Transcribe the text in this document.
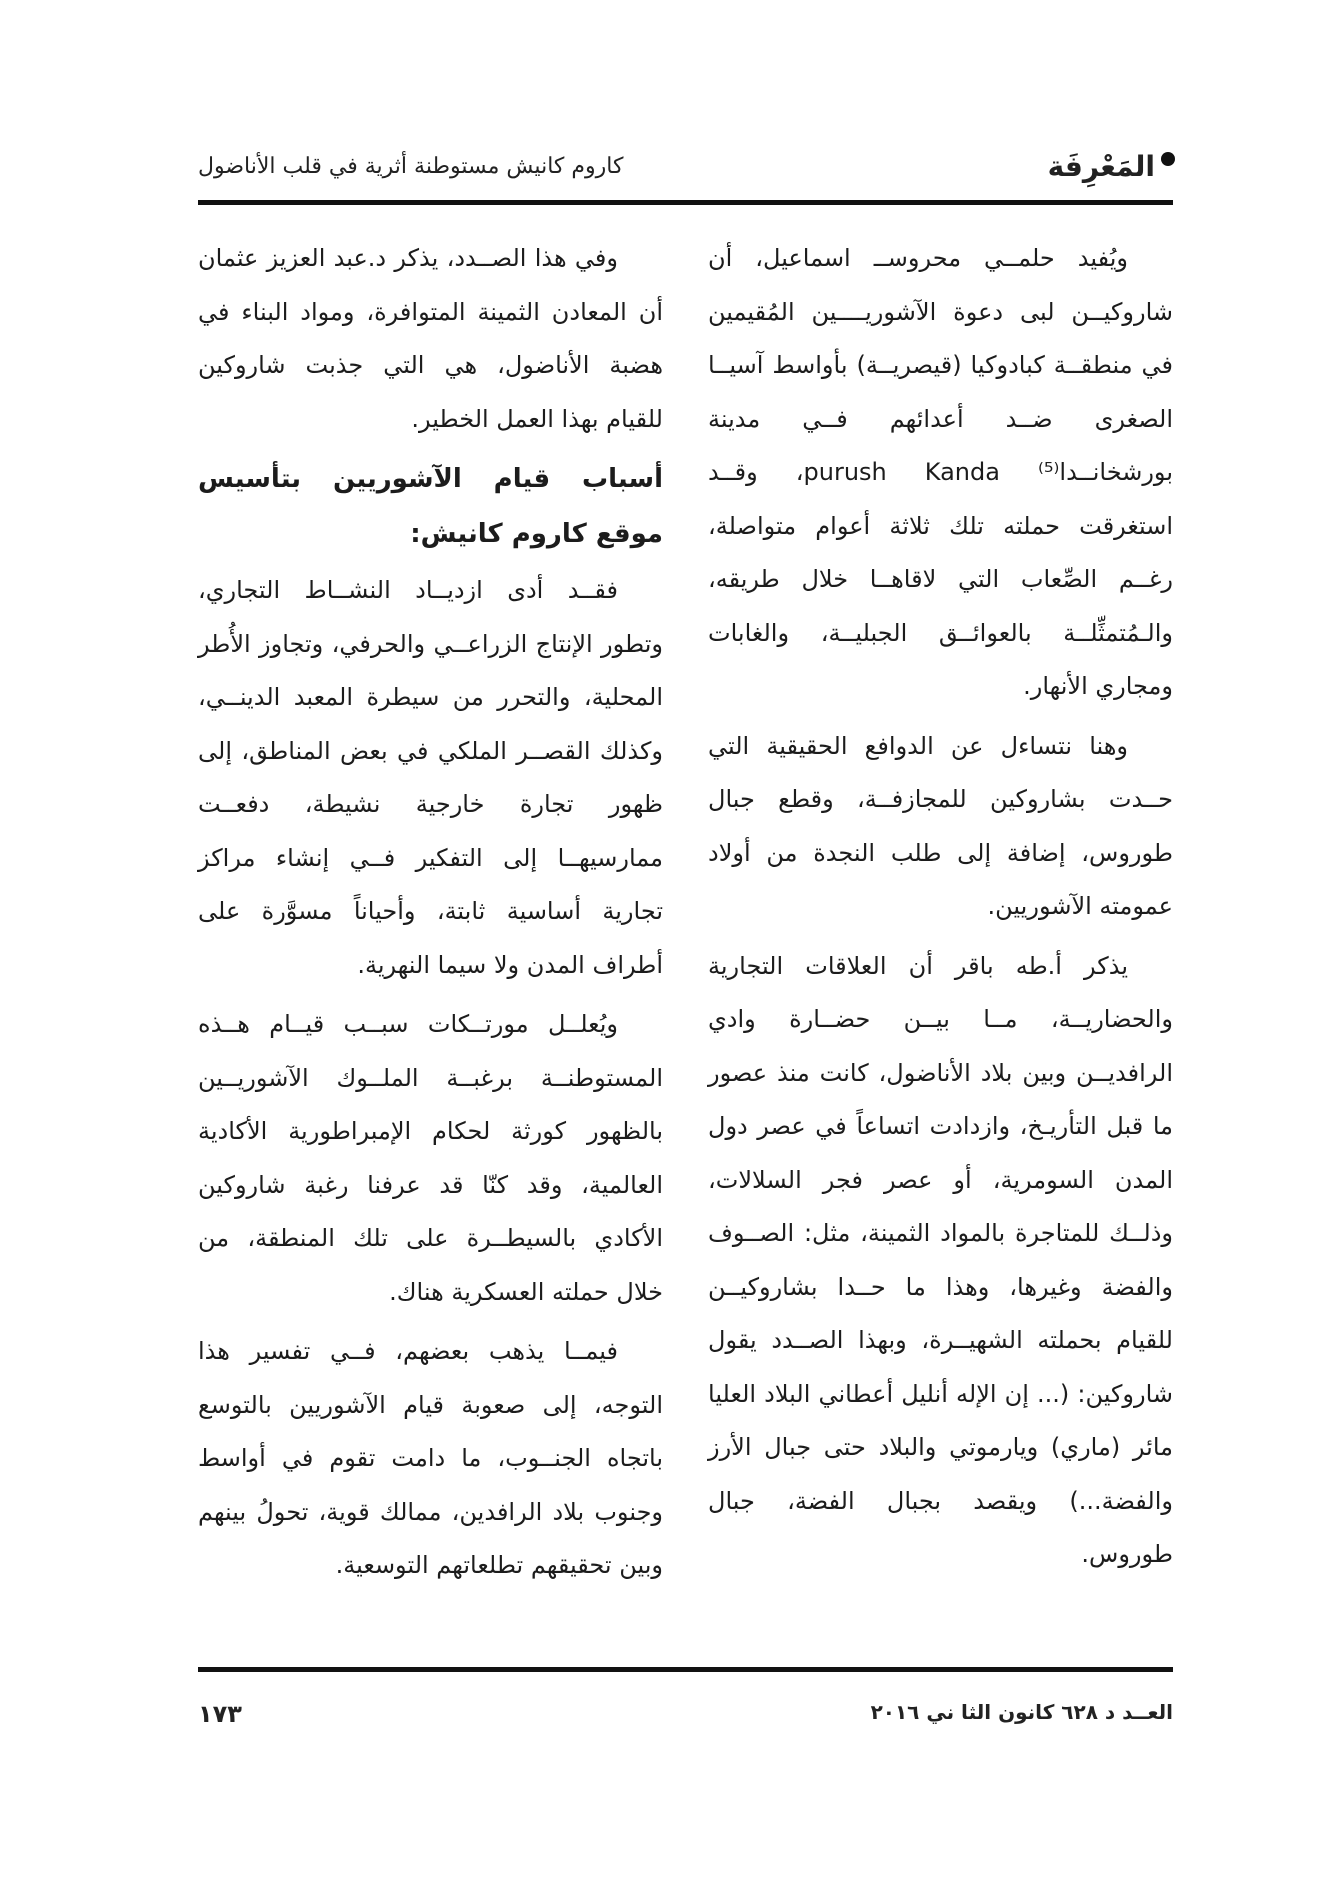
المَعْرِفَة
كاروم كانيش مستوطنة أثرية في قلب الأناضول

ويُفيد حلمــي محروســ اسماعيل، أن شاروكيــن لبى دعوة الآشوريــــين المُقيمين في منطقــة كبادوكيا (قيصريــة) بأواسط آسيــا الصغرى ضــد أعدائهم فــي مدينة بورشخانــدا⁽⁵⁾ purush Kanda، وقــد استغرقت حملته تلك ثلاثة أعوام متواصلة، رغــم الصِّعاب التي لاقاهــا خلال طريقه، والـمُتمثِّلــة بالعوائــق الجبليــة، والغابات ومجاري الأنهار.

وهنا نتساءل عن الدوافع الحقيقية التي حــدت بشاروكين للمجازفــة، وقطع جبال طوروس، إضافة إلى طلب النجدة من أولاد عمومته الآشوريين.

يذكر أ.طه باقر أن العلاقات التجارية والحضاريــة، مــا بيــن حضــارة وادي الرافديــن وبين بلاد الأناضول، كانت منذ عصور ما قبل التأريـخ، وازدادت اتساعاً في عصر دول المدن السومرية، أو عصر فجر السلالات، وذلــك للمتاجرة بالمواد الثمينة، مثل: الصــوف والفضة وغيرها، وهذا ما حــدا بشاروكيــن للقيام بحملته الشهيــرة، وبهذا الصــدد يقول شاروكين: (... إن الإله أنليل أعطاني البلاد العليا مائر (ماري) ويارموتي والبلاد حتى جبال الأرز والفضة...) ويقصد بجبال الفضة، جبال طوروس.

وفي هذا الصــدد، يذكر د.عبد العزيز عثمان أن المعادن الثمينة المتوافرة، ومواد البناء في هضبة الأناضول، هي التي جذبت شاروكين للقيام بهذا العمل الخطير.

أسباب قيام الآشوريين بتأسيس موقع كاروم كانيش:

فقــد أدى ازديــاد النشــاط التجاري، وتطور الإنتاج الزراعــي والحرفي، وتجاوز الأُطر المحلية، والتحرر من سيطرة المعبد الدينــي، وكذلك القصــر الملكي في بعض المناطق، إلى ظهور تجارة خارجية نشيطة، دفعــت ممارسيهــا إلى التفكير فــي إنشاء مراكز تجارية أساسية ثابتة، وأحياناً مسوَّرة على أطراف المدن ولا سيما النهرية.

ويُعلــل مورتــكات سبــب قيــام هــذه المستوطنــة برغبــة الملــوك الآشوريــين بالظهور كورثة لحكام الإمبراطورية الأكادية العالمية، وقد كنّا قد عرفنا رغبة شاروكين الأكادي بالسيطــرة على تلك المنطقة، من خلال حملته العسكرية هناك.

فيمــا يذهب بعضهم، فــي تفسير هذا التوجه، إلى صعوبة قيام الآشوريين بالتوسع باتجاه الجنــوب، ما دامت تقوم في أواسط وجنوب بلاد الرافدين، ممالك قوية، تحولُ بينهم وبين تحقيقهم تطلعاتهم التوسعية.

العــد د ٦٢٨ كانون الثا ني ٢٠١٦
١٧٣
